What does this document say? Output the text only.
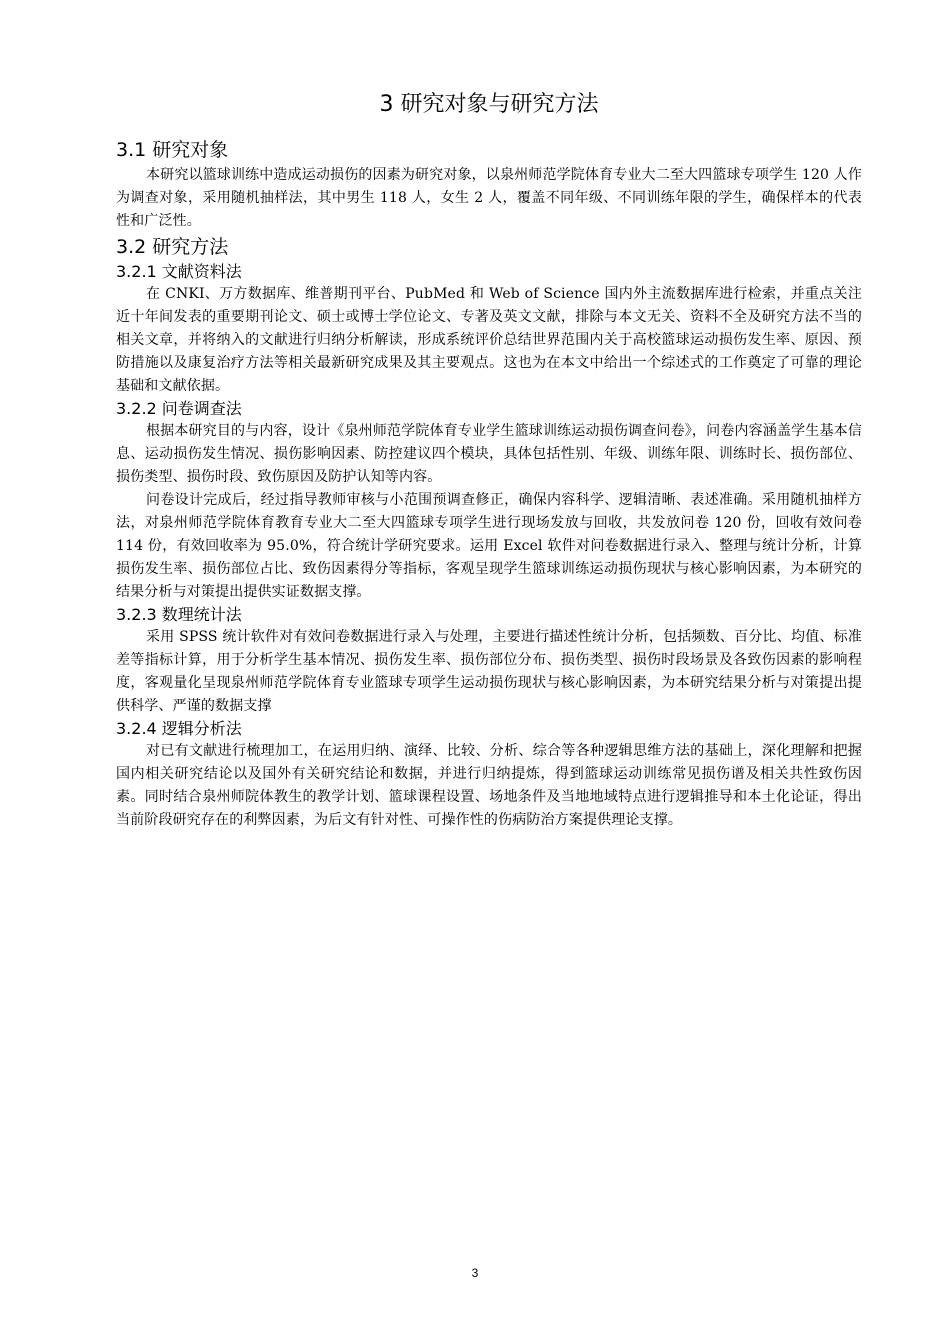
3 研究对象与研究方法
3.1 研究对象

本研究以篮球训练中造成运动损伤的因素为研究对象，以泉州师范学院体育专业大二至大四篮球专项学生 120 人作为调查对象，采用随机抽样法，其中男生 118 人，女生 2 人，覆盖不同年级、不同训练年限的学生，确保样本的代表性和广泛性。

3.2 研究方法
3.2.1 文献资料法

在 CNKI、万方数据库、维普期刊平台、PubMed 和 Web of Science 国内外主流数据库进行检索，并重点关注近十年间发表的重要期刊论文、硕士或博士学位论文、专著及英文文献，排除与本文无关、资料不全及研究方法不当的相关文章，并将纳入的文献进行归纳分析解读，形成系统评价总结世界范围内关于高校篮球运动损伤发生率、原因、预防措施以及康复治疗方法等相关最新研究成果及其主要观点。这也为在本文中给出一个综述式的工作奠定了可靠的理论基础和文献依据。

3.2.2 问卷调查法

根据本研究目的与内容，设计《泉州师范学院体育专业学生篮球训练运动损伤调查问卷》，问卷内容涵盖学生基本信息、运动损伤发生情况、损伤影响因素、防控建议四个模块，具体包括性别、年级、训练年限、训练时长、损伤部位、损伤类型、损伤时段、致伤原因及防护认知等内容。

问卷设计完成后，经过指导教师审核与小范围预调查修正，确保内容科学、逻辑清晰、表述准确。采用随机抽样方法，对泉州师范学院体育教育专业大二至大四篮球专项学生进行现场发放与回收，共发放问卷 120 份，回收有效问卷 114 份，有效回收率为 95.0%，符合统计学研究要求。运用 Excel 软件对问卷数据进行录入、整理与统计分析，计算损伤发生率、损伤部位占比、致伤因素得分等指标，客观呈现学生篮球训练运动损伤现状与核心影响因素，为本研究的结果分析与对策提出提供实证数据支撑。

3.2.3 数理统计法

采用 SPSS 统计软件对有效问卷数据进行录入与处理，主要进行描述性统计分析，包括频数、百分比、均值、标准差等指标计算，用于分析学生基本情况、损伤发生率、损伤部位分布、损伤类型、损伤时段场景及各致伤因素的影响程度，客观量化呈现泉州师范学院体育专业篮球专项学生运动损伤现状与核心影响因素，为本研究结果分析与对策提出提供科学、严谨的数据支撑

3.2.4 逻辑分析法

对已有文献进行梳理加工，在运用归纳、演绎、比较、分析、综合等各种逻辑思维方法的基础上，深化理解和把握国内相关研究结论以及国外有关研究结论和数据，并进行归纳提炼，得到篮球运动训练常见损伤谱及相关共性致伤因素。同时结合泉州师院体教生的教学计划、篮球课程设置、场地条件及当地地域特点进行逻辑推导和本土化论证，得出当前阶段研究存在的利弊因素，为后文有针对性、可操作性的伤病防治方案提供理论支撑。

3
